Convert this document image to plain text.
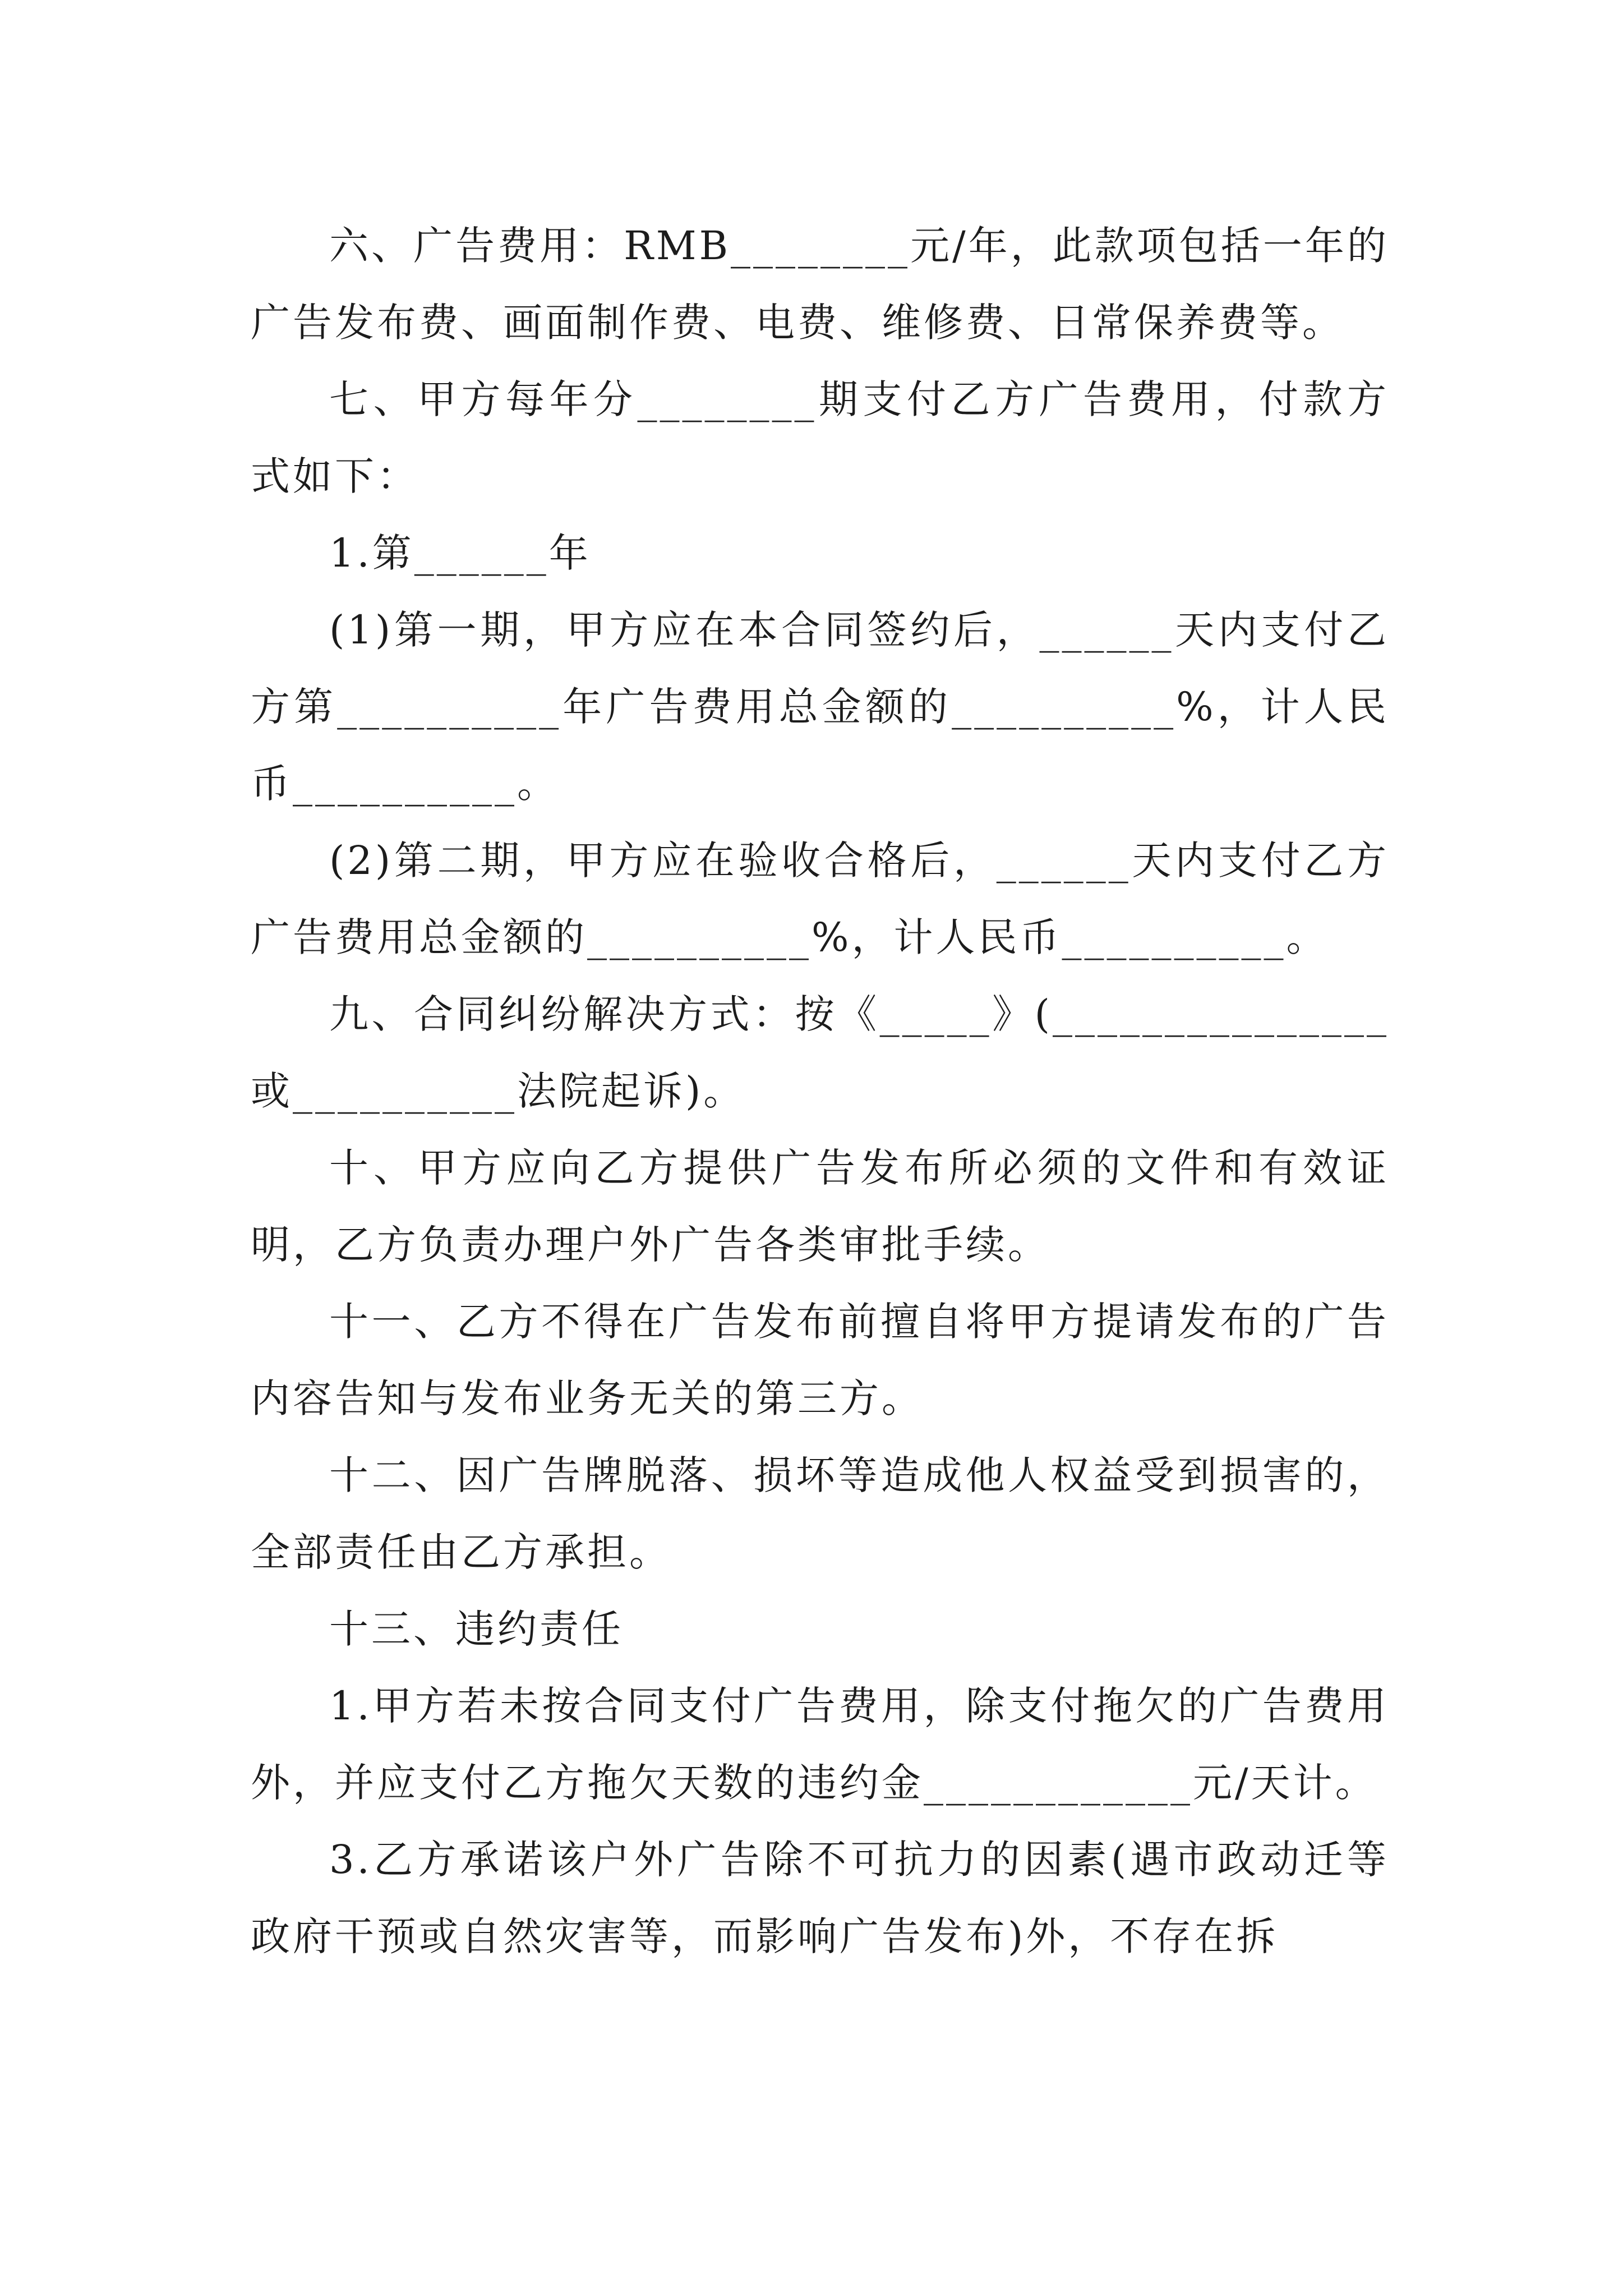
六、广告费用：RMB________元/年，此款项包括一年的广告发布费、画面制作费、电费、维修费、日常保养费等。

七、甲方每年分________期支付乙方广告费用，付款方式如下：

1.第______年

(1)第一期，甲方应在本合同签约后，______天内支付乙方第__________年广告费用总金额的__________%，计人民币__________。

(2)第二期，甲方应在验收合格后，______天内支付乙方广告费用总金额的__________%，计人民币__________。

九、合同纠纷解决方式：按《_____》(_______________或__________法院起诉)。

十、甲方应向乙方提供广告发布所必须的文件和有效证明，乙方负责办理户外广告各类审批手续。

十一、乙方不得在广告发布前擅自将甲方提请发布的广告内容告知与发布业务无关的第三方。

十二、因广告牌脱落、损坏等造成他人权益受到损害的，全部责任由乙方承担。

十三、违约责任

1.甲方若未按合同支付广告费用，除支付拖欠的广告费用外，并应支付乙方拖欠天数的违约金____________元/天计。

3.乙方承诺该户外广告除不可抗力的因素(遇市政动迁等政府干预或自然灾害等，而影响广告发布)外，不存在拆
